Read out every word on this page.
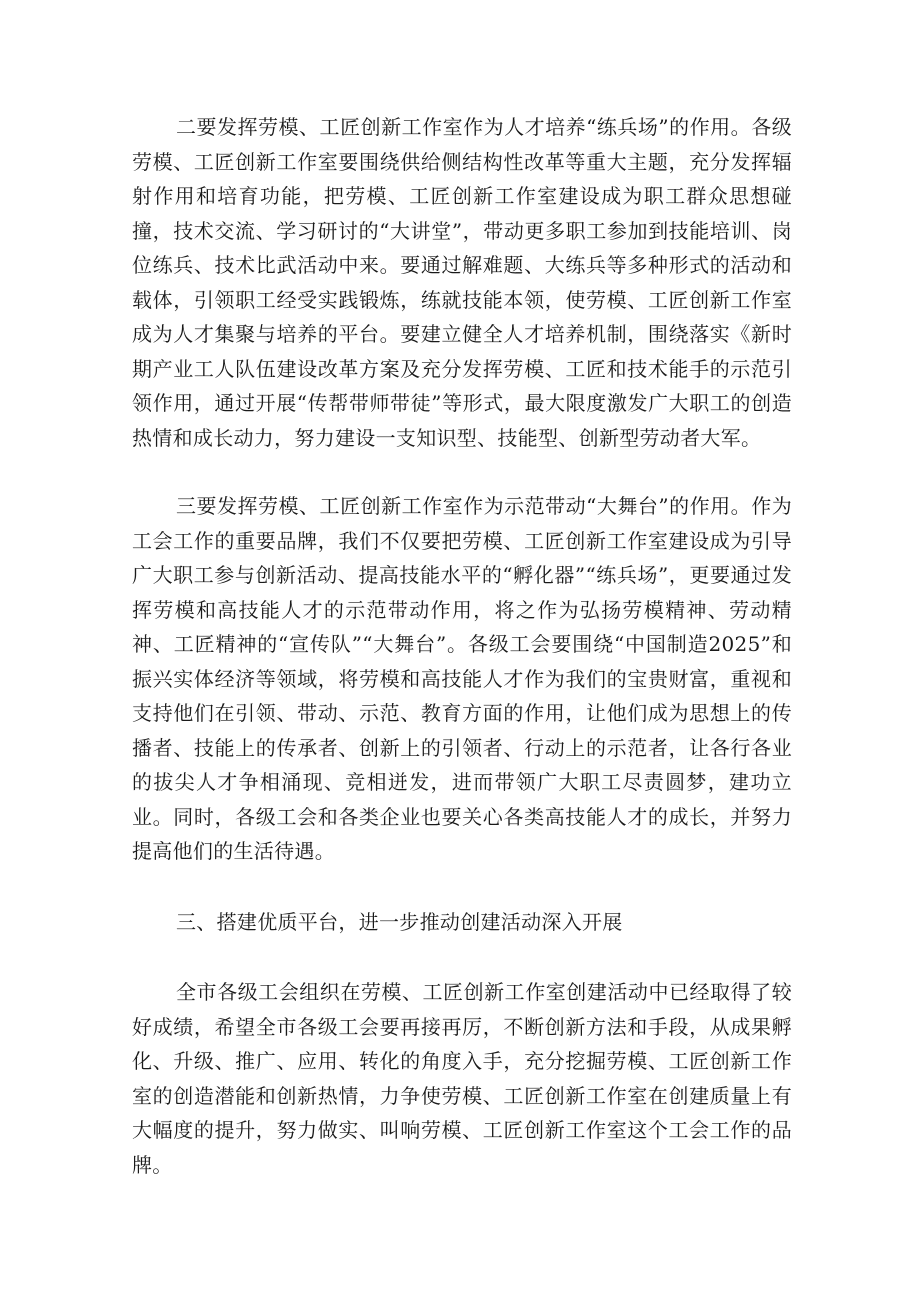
二要发挥劳模、工匠创新工作室作为人才培养“练兵场”的作用。各级劳模、工匠创新工作室要围绕供给侧结构性改革等重大主题，充分发挥辐射作用和培育功能，把劳模、工匠创新工作室建设成为职工群众思想碰撞，技术交流、学习研讨的“大讲堂”，带动更多职工参加到技能培训、岗位练兵、技术比武活动中来。要通过解难题、大练兵等多种形式的活动和载体，引领职工经受实践锻炼，练就技能本领，使劳模、工匠创新工作室成为人才集聚与培养的平台。要建立健全人才培养机制，围绕落实《新时期产业工人队伍建设改革方案及充分发挥劳模、工匠和技术能手的示范引领作用，通过开展“传帮带师带徒”等形式，最大限度激发广大职工的创造热情和成长动力，努力建设一支知识型、技能型、创新型劳动者大军。

三要发挥劳模、工匠创新工作室作为示范带动“大舞台”的作用。作为工会工作的重要品牌，我们不仅要把劳模、工匠创新工作室建设成为引导广大职工参与创新活动、提高技能水平的“孵化器”“练兵场”，更要通过发挥劳模和高技能人才的示范带动作用，将之作为弘扬劳模精神、劳动精神、工匠精神的“宣传队”“大舞台”。各级工会要围绕“中国制造2025”和振兴实体经济等领域，将劳模和高技能人才作为我们的宝贵财富，重视和支持他们在引领、带动、示范、教育方面的作用，让他们成为思想上的传播者、技能上的传承者、创新上的引领者、行动上的示范者，让各行各业的拔尖人才争相涌现、竞相迸发，进而带领广大职工尽责圆梦，建功立业。同时，各级工会和各类企业也要关心各类高技能人才的成长，并努力提高他们的生活待遇。

三、搭建优质平台，进一步推动创建活动深入开展

全市各级工会组织在劳模、工匠创新工作室创建活动中已经取得了较好成绩，希望全市各级工会要再接再厉，不断创新方法和手段，从成果孵化、升级、推广、应用、转化的角度入手，充分挖掘劳模、工匠创新工作室的创造潜能和创新热情，力争使劳模、工匠创新工作室在创建质量上有大幅度的提升，努力做实、叫响劳模、工匠创新工作室这个工会工作的品牌。
